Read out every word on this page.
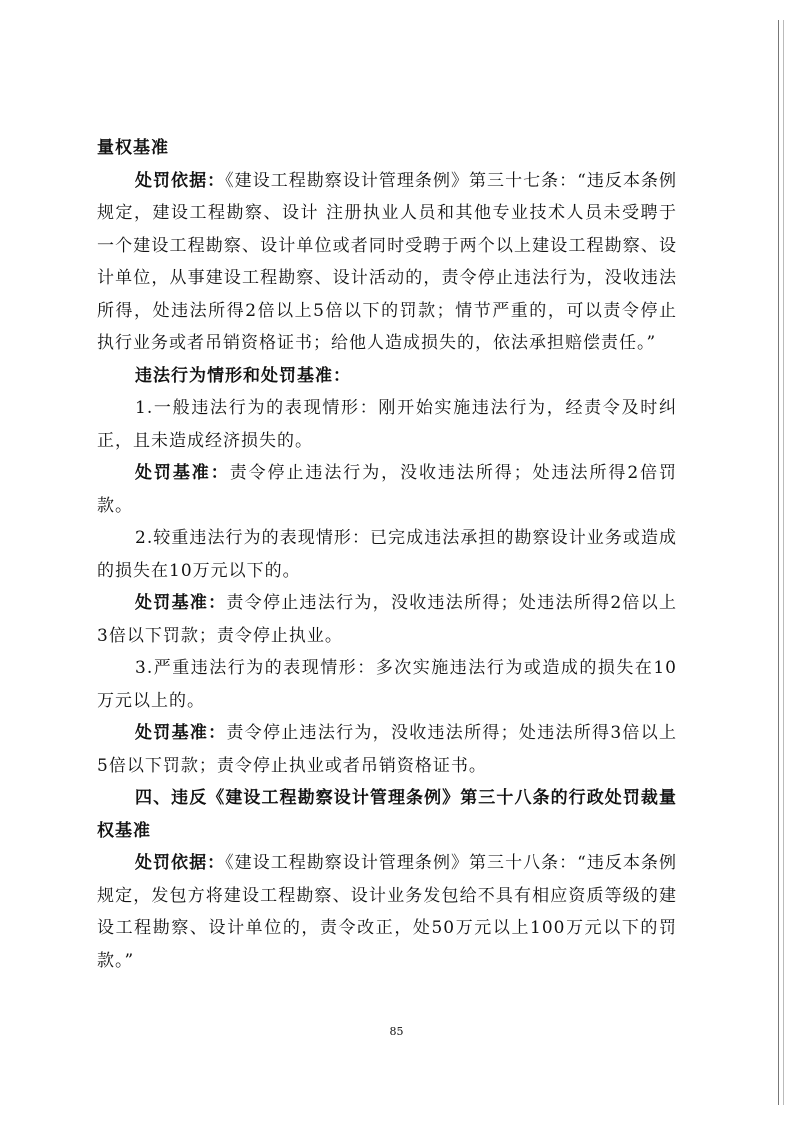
量权基准

处罚依据：《建设工程勘察设计管理条例》第三十七条：“违反本条例规定，建设工程勘察、设计 注册执业人员和其他专业技术人员未受聘于一个建设工程勘察、设计单位或者同时受聘于两个以上建设工程勘察、设计单位，从事建设工程勘察、设计活动的，责令停止违法行为，没收违法所得，处违法所得2倍以上5倍以下的罚款；情节严重的，可以责令停止执行业务或者吊销资格证书；给他人造成损失的，依法承担赔偿责任。”

违法行为情形和处罚基准：

1.一般违法行为的表现情形：刚开始实施违法行为，经责令及时纠正，且未造成经济损失的。

处罚基准：责令停止违法行为，没收违法所得；处违法所得2倍罚款。

2.较重违法行为的表现情形：已完成违法承担的勘察设计业务或造成的损失在10万元以下的。

处罚基准：责令停止违法行为，没收违法所得；处违法所得2倍以上3倍以下罚款；责令停止执业。

3.严重违法行为的表现情形：多次实施违法行为或造成的损失在10万元以上的。

处罚基准：责令停止违法行为，没收违法所得；处违法所得3倍以上5倍以下罚款；责令停止执业或者吊销资格证书。

四、违反《建设工程勘察设计管理条例》第三十八条的行政处罚裁量权基准

处罚依据：《建设工程勘察设计管理条例》第三十八条：“违反本条例规定，发包方将建设工程勘察、设计业务发包给不具有相应资质等级的建设工程勘察、设计单位的，责令改正，处50万元以上100万元以下的罚款。”

85
